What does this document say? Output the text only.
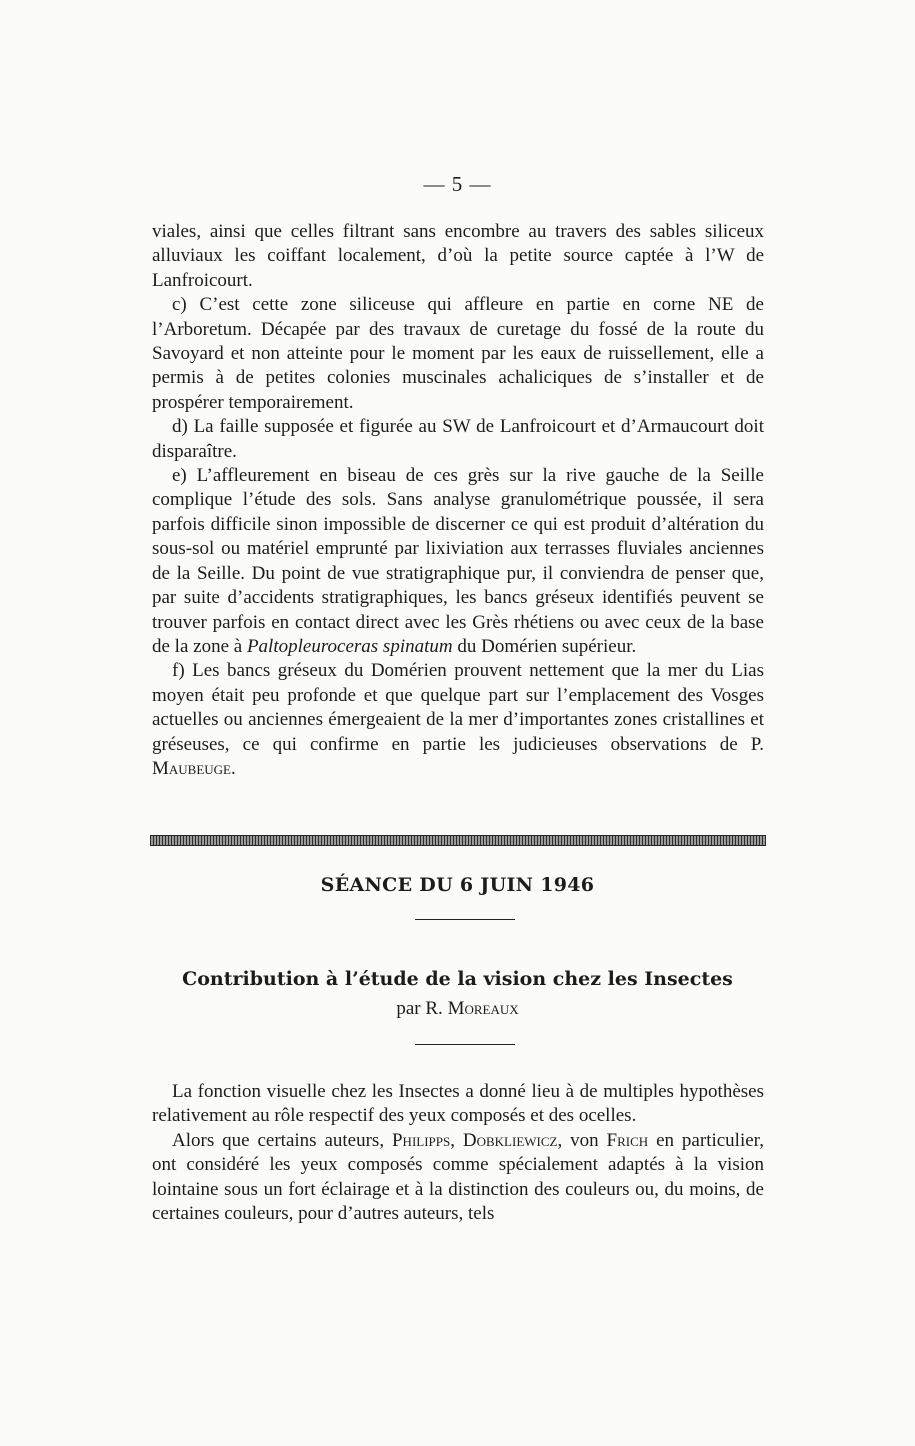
— 5 —

viales, ainsi que celles filtrant sans encombre au travers des sables siliceux alluviaux les coiffant localement, d’où la petite source captée à l’W de Lanfroicourt.

c) C’est cette zone siliceuse qui affleure en partie en corne NE de l’Arboretum. Décapée par des travaux de curetage du fossé de la route du Savoyard et non atteinte pour le moment par les eaux de ruissellement, elle a permis à de petites colonies muscinales achaliciques de s’installer et de prospérer temporairement.

d) La faille supposée et figurée au SW de Lanfroicourt et d’Armaucourt doit disparaître.

e) L’affleurement en biseau de ces grès sur la rive gauche de la Seille complique l’étude des sols. Sans analyse granulométrique poussée, il sera parfois difficile sinon impossible de discerner ce qui est produit d’altération du sous-sol ou matériel emprunté par lixiviation aux terrasses fluviales anciennes de la Seille. Du point de vue stratigraphique pur, il conviendra de penser que, par suite d’accidents stratigraphiques, les bancs gréseux identifiés peuvent se trouver parfois en contact direct avec les Grès rhétiens ou avec ceux de la base de la zone à Paltopleuroceras spinatum du Domérien supérieur.

f) Les bancs gréseux du Domérien prouvent nettement que la mer du Lias moyen était peu profonde et que quelque part sur l’emplacement des Vosges actuelles ou anciennes émergeaient de la mer d’importantes zones cristallines et gréseuses, ce qui confirme en partie les judicieuses observations de P. Maubeuge.

SÉANCE DU 6 JUIN 1946
Contribution à l’étude de la vision chez les Insectes
par R. Moreaux

La fonction visuelle chez les Insectes a donné lieu à de multiples hypothèses relativement au rôle respectif des yeux composés et des ocelles.

Alors que certains auteurs, Philipps, Dobkliewicz, von Frich en particulier, ont considéré les yeux composés comme spécialement adaptés à la vision lointaine sous un fort éclairage et à la distinction des couleurs ou, du moins, de certaines couleurs, pour d’autres auteurs, tels
